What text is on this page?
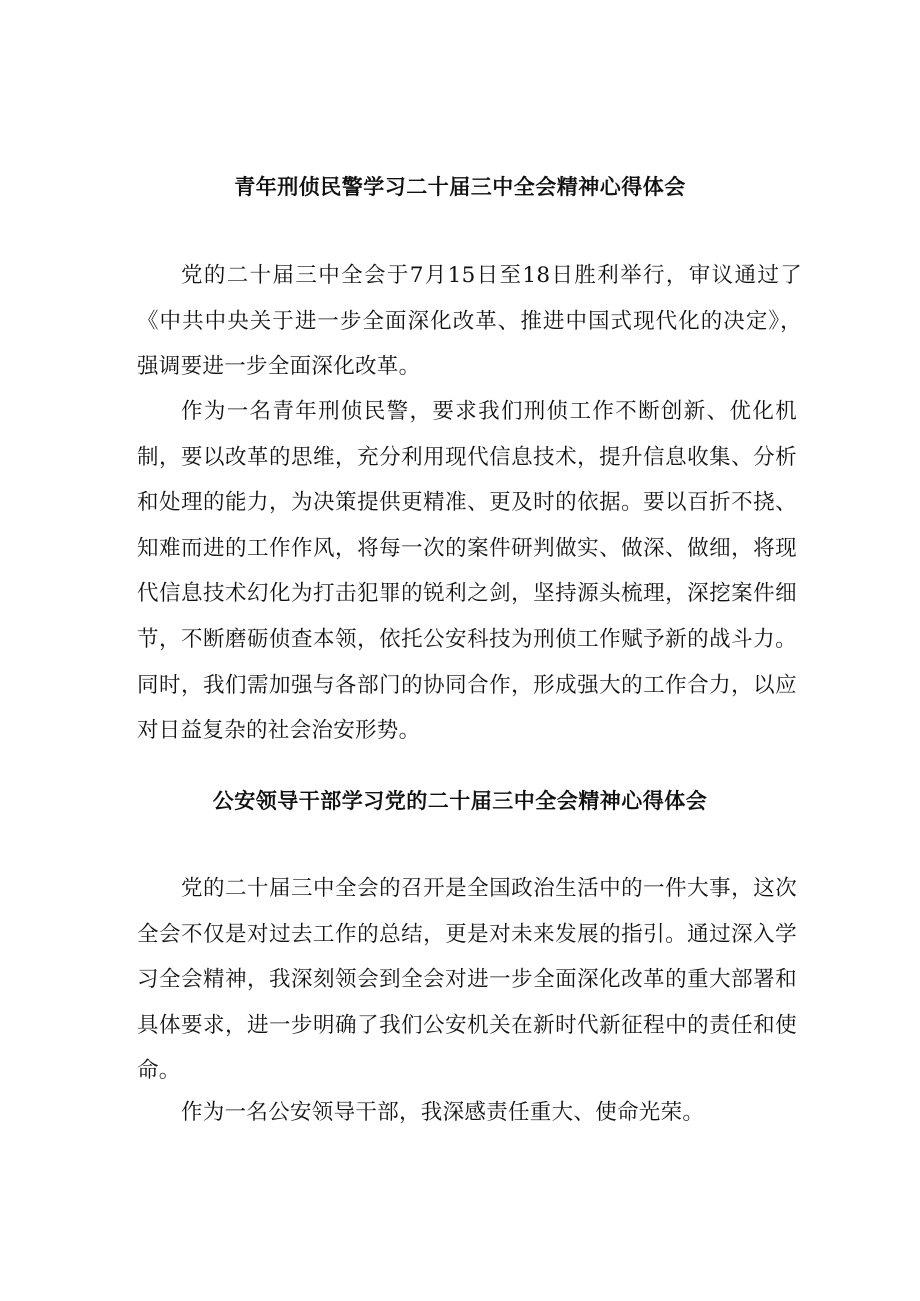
青年刑侦民警学习二十届三中全会精神心得体会
党的二十届三中全会于7月15日至18日胜利举行，审议通过了《中共中央关于进一步全面深化改革、推进中国式现代化的决定》，强调要进一步全面深化改革。
作为一名青年刑侦民警，要求我们刑侦工作不断创新、优化机制，要以改革的思维，充分利用现代信息技术，提升信息收集、分析和处理的能力，为决策提供更精准、更及时的依据。要以百折不挠、知难而进的工作作风，将每一次的案件研判做实、做深、做细，将现代信息技术幻化为打击犯罪的锐利之剑，坚持源头梳理，深挖案件细节，不断磨砺侦查本领，依托公安科技为刑侦工作赋予新的战斗力。同时，我们需加强与各部门的协同合作，形成强大的工作合力，以应对日益复杂的社会治安形势。
公安领导干部学习党的二十届三中全会精神心得体会
党的二十届三中全会的召开是全国政治生活中的一件大事，这次全会不仅是对过去工作的总结，更是对未来发展的指引。通过深入学习全会精神，我深刻领会到全会对进一步全面深化改革的重大部署和具体要求，进一步明确了我们公安机关在新时代新征程中的责任和使命。
作为一名公安领导干部，我深感责任重大、使命光荣。
